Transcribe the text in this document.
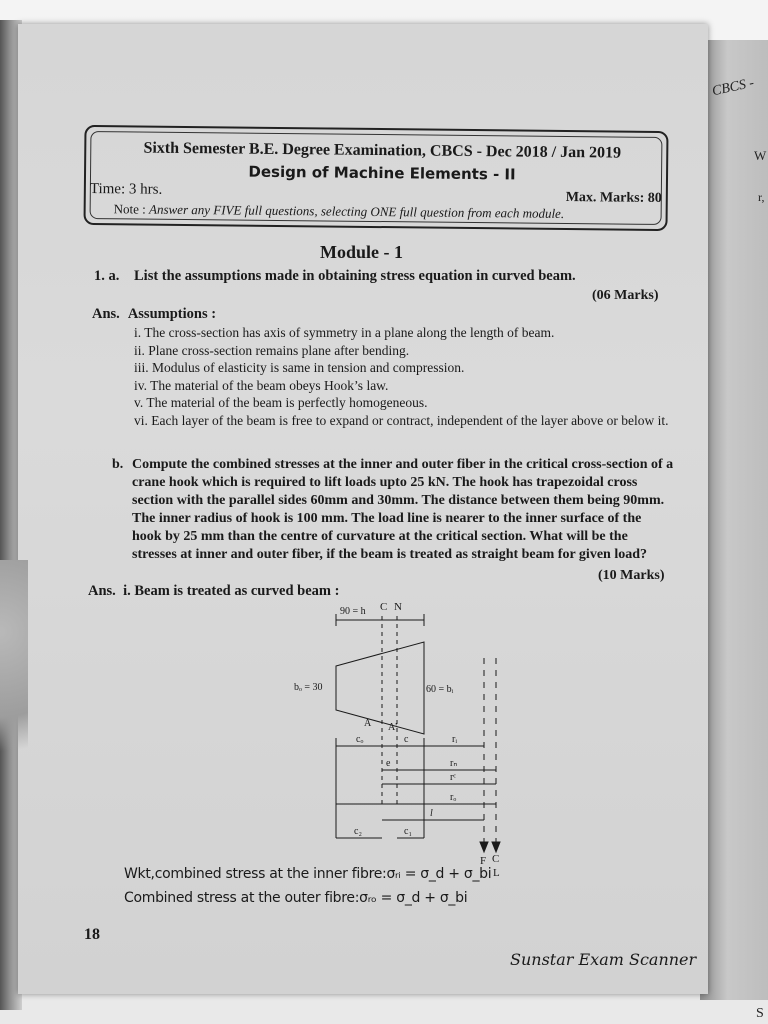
CBCS -
W
r,
S
Sixth Semester B.E. Degree Examination, CBCS - Dec 2018 / Jan 2019
Design of Machine Elements - II
Time: 3 hrs.
Max. Marks: 80
Note : Answer any FIVE full questions, selecting ONE full question from each module.
Module - 1
1. a. List the assumptions made in obtaining stress equation in curved beam.
(06 Marks)
Ans. Assumptions :
i. The cross-section has axis of symmetry in a plane along the length of beam.
ii. Plane cross-section remains plane after bending.
iii. Modulus of elasticity is same in tension and compression.
iv. The material of the beam obeys Hook’s law.
v. The material of the beam is perfectly homogeneous.
vi. Each layer of the beam is free to expand or contract, independent of the layer above or below it.
b. Compute the combined stresses at the inner and outer fiber in the critical cross-section of a crane hook which is required to lift loads upto 25 kN. The hook has trapezoidal cross section with the parallel sides 60mm and 30mm. The distance between them being 90mm. The inner radius of hook is 100 mm. The load line is nearer to the inner surface of the hook by 25 mm than the centre of curvature at the critical section. What will be the stresses at inner and outer fiber, if the beam is treated as straight beam for given load?
(10 Marks)
Ans. i. Beam is treated as curved beam :
90 = h C N
bₒ = 30	60 = bᵢ
A A'
cₒ	c	rᵢ
e	rₙ
rᶜ
rₒ
l
c₂	c₁
F C
L
Wkt,combined stress at the inner fibre:σᵣᵢ = σ_d + σ_bi
Combined stress at the outer fibre:σᵣₒ = σ_d + σ_bi
18
Sunstar Exam Scanner
